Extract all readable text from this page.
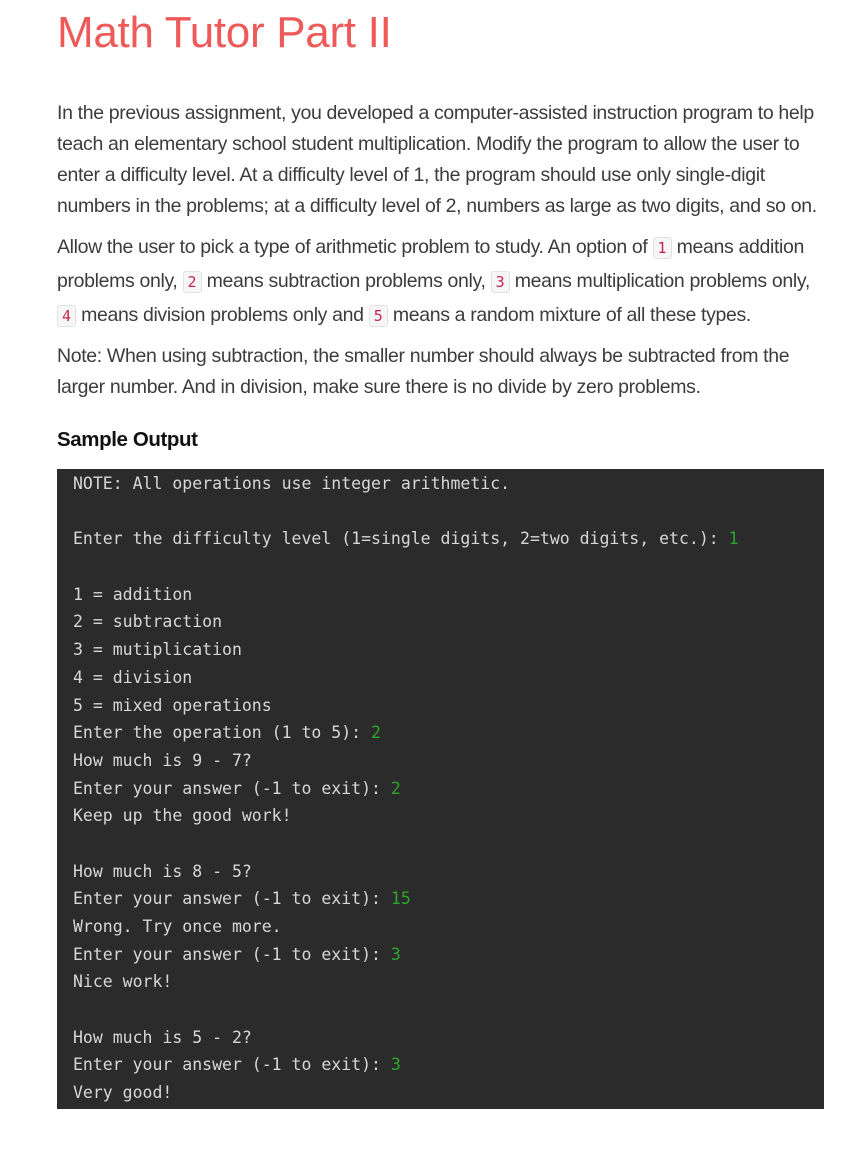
Math Tutor Part II

In the previous assignment, you developed a computer-assisted instruction program to help teach an elementary school student multiplication. Modify the program to allow the user to enter a difficulty level. At a difficulty level of 1, the program should use only single-digit numbers in the problems; at a difficulty level of 2, numbers as large as two digits, and so on.

Allow the user to pick a type of arithmetic problem to study. An option of 1 means addition problems only, 2 means subtraction problems only, 3 means multiplication problems only, 4 means division problems only and 5 means a random mixture of all these types.

Note: When using subtraction, the smaller number should always be subtracted from the larger number. And in division, make sure there is no divide by zero problems.

Sample Output
NOTE: All operations use integer arithmetic.
Enter the difficulty level (1=single digits, 2=two digits, etc.): 1
1 = addition
2 = subtraction
3 = mutiplication
4 = division
5 = mixed operations
Enter the operation (1 to 5): 2
How much is 9 - 7?
Enter your answer (-1 to exit): 2
Keep up the good work!
How much is 8 - 5?
Enter your answer (-1 to exit): 15
Wrong. Try once more.
Enter your answer (-1 to exit): 3
Nice work!
How much is 5 - 2?
Enter your answer (-1 to exit): 3
Very good!
